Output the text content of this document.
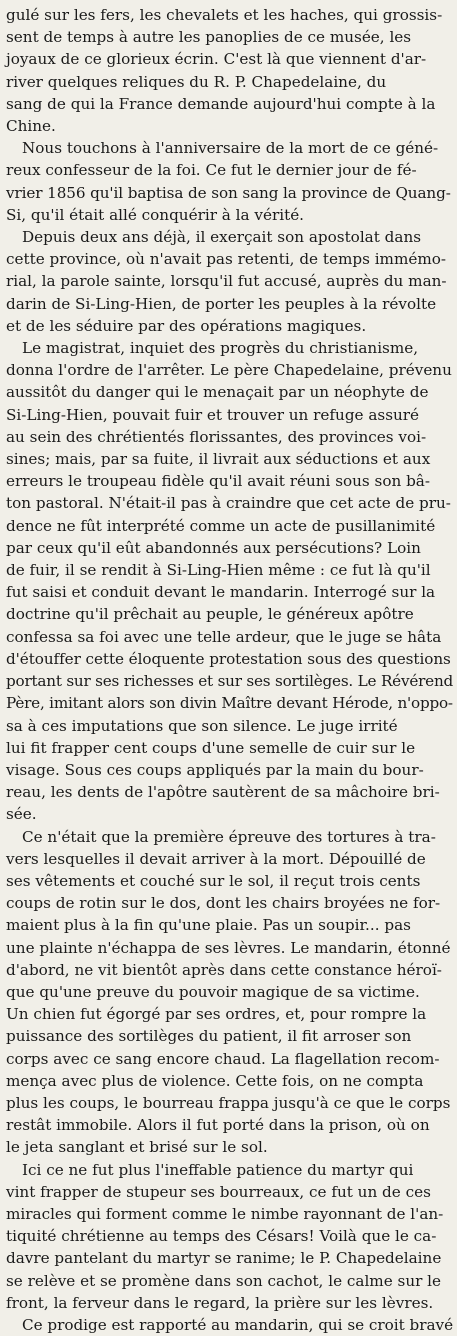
gulé sur les fers, les chevalets et les haches, qui grossis-
sent de temps à autre les panoplies de ce musée, les
joyaux de ce glorieux écrin. C'est là que viennent d'ar-
river quelques reliques du R. P. Chapedelaine, du
sang de qui la France demande aujourd'hui compte à la
Chine.
Nous touchons à l'anniversaire de la mort de ce géné-
reux confesseur de la foi. Ce fut le dernier jour de fé-
vrier 1856 qu'il baptisa de son sang la province de Quang-
Si, qu'il était allé conquérir à la vérité.
Depuis deux ans déjà, il exerçait son apostolat dans
cette province, où n'avait pas retenti, de temps immémo-
rial, la parole sainte, lorsqu'il fut accusé, auprès du man-
darin de Si-Ling-Hien, de porter les peuples à la révolte
et de les séduire par des opérations magiques.
Le magistrat, inquiet des progrès du christianisme,
donna l'ordre de l'arrêter. Le père Chapedelaine, prévenu
aussitôt du danger qui le menaçait par un néophyte de
Si-Ling-Hien, pouvait fuir et trouver un refuge assuré
au sein des chrétientés florissantes, des provinces voi-
sines; mais, par sa fuite, il livrait aux séductions et aux
erreurs le troupeau fidèle qu'il avait réuni sous son bâ-
ton pastoral. N'était-il pas à craindre que cet acte de pru-
dence ne fût interprété comme un acte de pusillanimité
par ceux qu'il eût abandonnés aux persécutions? Loin
de fuir, il se rendit à Si-Ling-Hien même : ce fut là qu'il
fut saisi et conduit devant le mandarin. Interrogé sur la
doctrine qu'il prêchait au peuple, le généreux apôtre
confessa sa foi avec une telle ardeur, que le juge se hâta
d'étouffer cette éloquente protestation sous des questions
portant sur ses richesses et sur ses sortilèges. Le Révérend
Père, imitant alors son divin Maître devant Hérode, n'oppo-
sa à ces imputations que son silence. Le juge irrité
lui fit frapper cent coups d'une semelle de cuir sur le
visage. Sous ces coups appliqués par la main du bour-
reau, les dents de l'apôtre sautèrent de sa mâchoire bri-
sée.
Ce n'était que la première épreuve des tortures à tra-
vers lesquelles il devait arriver à la mort. Dépouillé de
ses vêtements et couché sur le sol, il reçut trois cents
coups de rotin sur le dos, dont les chairs broyées ne for-
maient plus à la fin qu'une plaie. Pas un soupir... pas
une plainte n'échappa de ses lèvres. Le mandarin, étonné
d'abord, ne vit bientôt après dans cette constance héroï-
que qu'une preuve du pouvoir magique de sa victime.
Un chien fut égorgé par ses ordres, et, pour rompre la
puissance des sortilèges du patient, il fit arroser son
corps avec ce sang encore chaud. La flagellation recom-
mença avec plus de violence. Cette fois, on ne compta
plus les coups, le bourreau frappa jusqu'à ce que le corps
restât immobile. Alors il fut porté dans la prison, où on
le jeta sanglant et brisé sur le sol.
Ici ce ne fut plus l'ineffable patience du martyr qui
vint frapper de stupeur ses bourreaux, ce fut un de ces
miracles qui forment comme le nimbe rayonnant de l'an-
tiquité chrétienne au temps des Césars! Voilà que le ca-
davre pantelant du martyr se ranime; le P. Chapedelaine
se relève et se promène dans son cachot, le calme sur le
front, la ferveur dans le regard, la prière sur les lèvres.
Ce prodige est rapporté au mandarin, qui se croit bravé
